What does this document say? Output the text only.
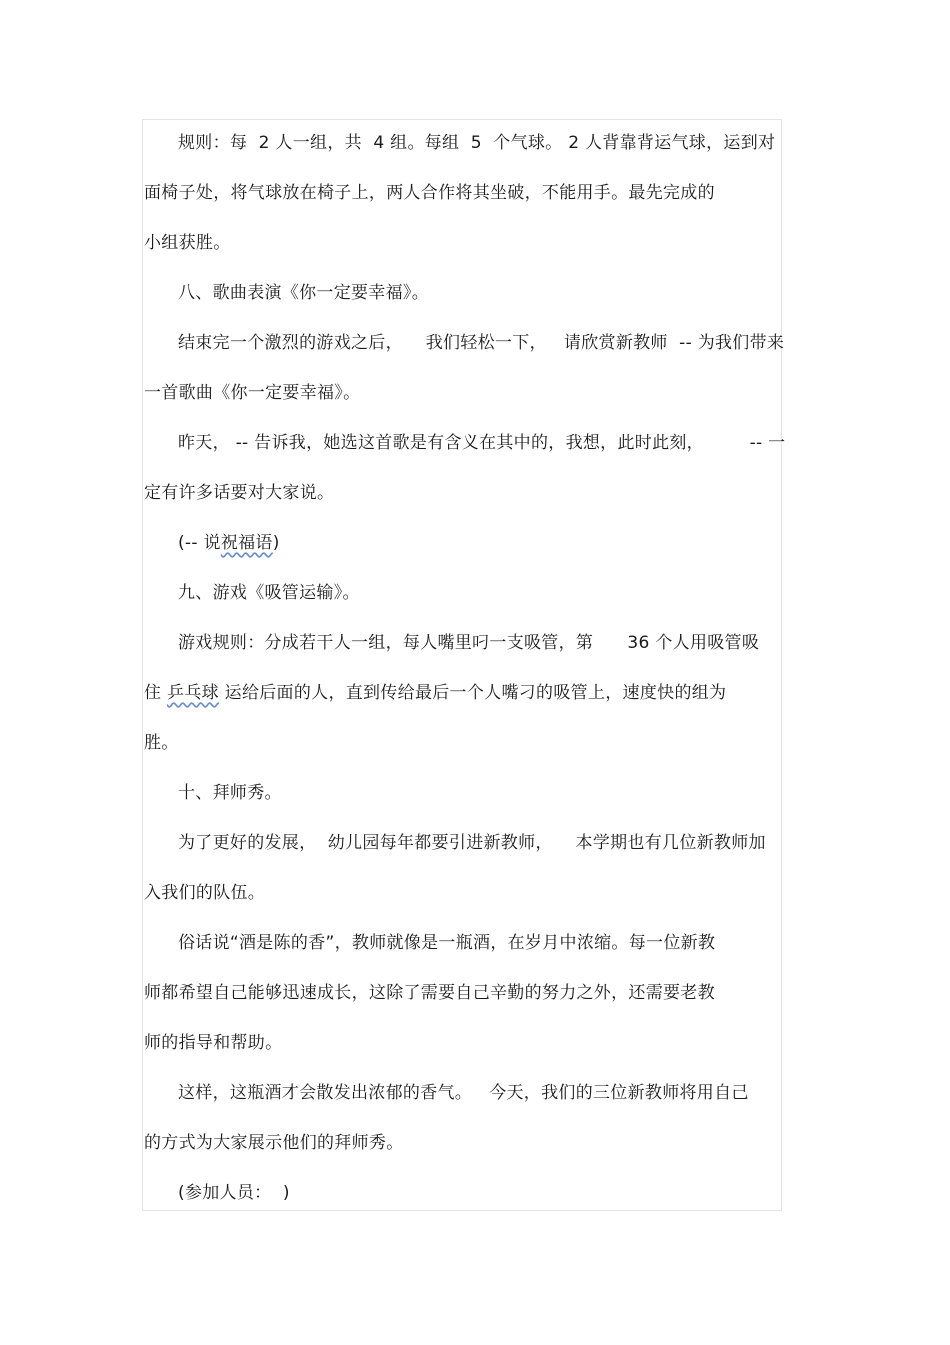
规则：每  2 人一组，共  4 组。每组  5  个气球。 2 人背靠背运气球，运到对
面椅子处，将气球放在椅子上，两人合作将其坐破，不能用手。最先完成的
小组获胜。
八、歌曲表演《你一定要幸福》。
结束完一个激烈的游戏之后，    我们轻松一下，   请欣赏新教师  -- 为我们带来
一首歌曲《你一定要幸福》。
昨天， -- 告诉我，她选这首歌是有含义在其中的，我想，此时此刻，        -- 一
定有许多话要对大家说。
(-- 说祝福语)
九、游戏《吸管运输》。
游戏规则：分成若干人一组，每人嘴里叼一支吸管，第      36 个人用吸管吸
住 乒乓球 运给后面的人，直到传给最后一个人嘴刁的吸管上，速度快的组为
胜。
十、拜师秀。
为了更好的发展，  幼儿园每年都要引进新教师，    本学期也有几位新教师加
入我们的队伍。
俗话说“酒是陈的香”，教师就像是一瓶酒，在岁月中浓缩。每一位新教
师都希望自己能够迅速成长，这除了需要自己辛勤的努力之外，还需要老教
师的指导和帮助。
这样，这瓶酒才会散发出浓郁的香气。   今天，我们的三位新教师将用自己
的方式为大家展示他们的拜师秀。
(参加人员：  )
